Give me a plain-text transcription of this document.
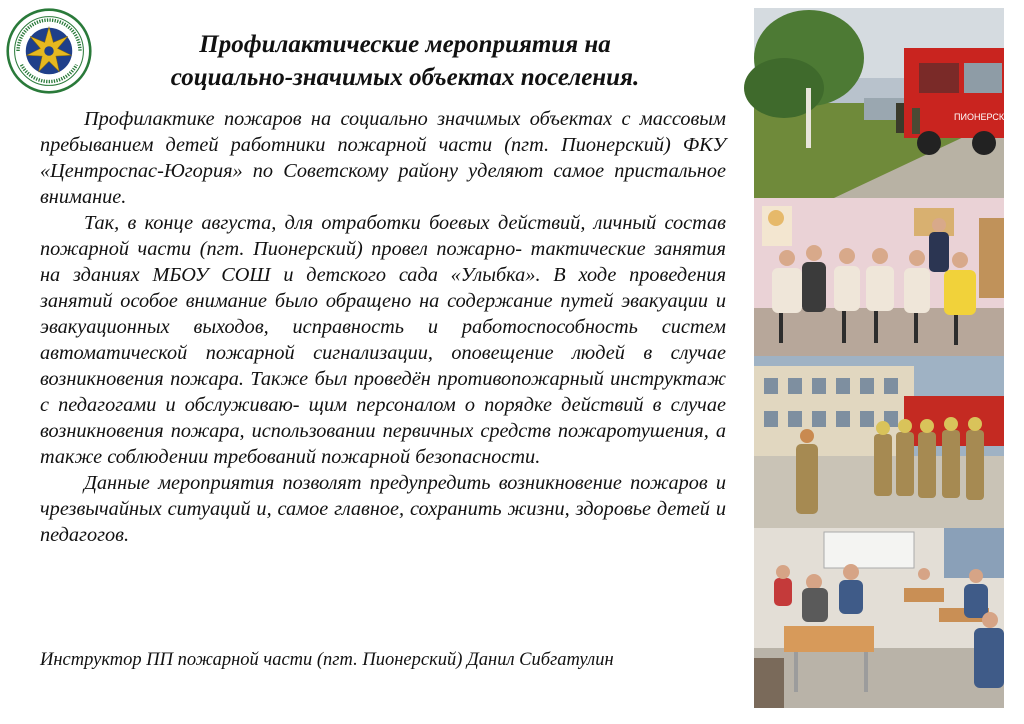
Профилактические мероприятия на
социально-значимых объектах поселения.

Профилактике пожаров на социально значимых объектах с массовым пребыванием детей работники пожарной части (пгт. Пионерский) ФКУ «Центроспас-Югория» по Советскому району уделяют самое пристальное внимание.

Так, в конце августа, для отработки боевых действий, личный состав пожарной части (пгт. Пионерский) провел пожарно- тактические занятия на зданиях МБОУ СОШ и детского сада «Улыбка». В ходе проведения занятий особое внимание было обращено на содержание путей эвакуации и эвакуационных выходов, исправность и работоспособность систем автоматической пожарной сигнализации, оповещение людей в случае возникновения пожара. Также был проведён противопожарный инструктаж с педагогами и обслуживаю- щим персоналом о порядке действий в случае возникновения пожара, использовании первичных средств пожаротушения, а также соблюдении требований пожарной безопасности.

Данные мероприятия позволят предупредить возникновение пожаров и чрезвычайных ситуаций и, самое главное, сохранить жизни, здоровье детей и педагогов.

Инструктор ПП пожарной части (пгт. Пионерский) Данил Сибгатулин
ПИОНЕРСКИЙ
